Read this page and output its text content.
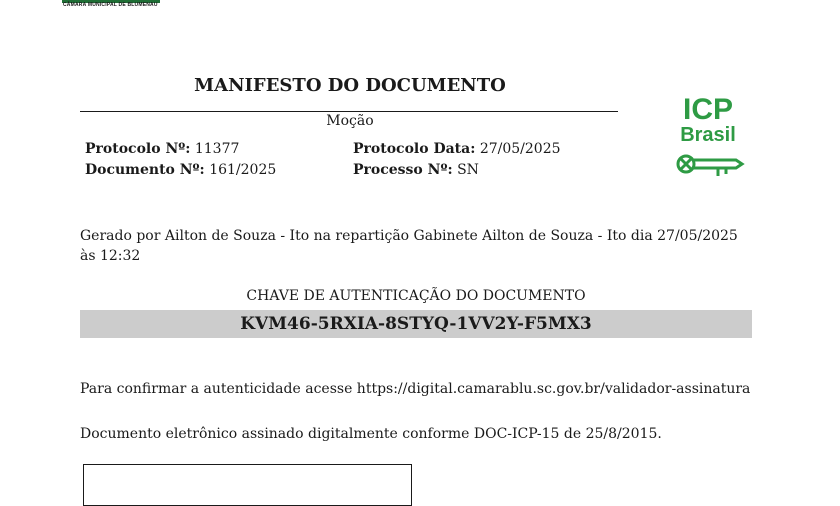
CÂMARA MUNICIPAL DE BLUMENAU
MANIFESTO DO DOCUMENTO
Moção
Protocolo Nº: 11377	Protocolo Data: 27/05/2025
Documento Nº: 161/2025	Processo Nº: SN
ICP
Brasil
Gerado por Ailton de Souza - Ito na repartição Gabinete Ailton de Souza - Ito dia 27/05/2025 às 12:32
CHAVE DE AUTENTICAÇÃO DO DOCUMENTO
KVM46-5RXIA-8STYQ-1VV2Y-F5MX3
Para confirmar a autenticidade acesse https://digital.camarablu.sc.gov.br/validador-assinatura
Documento eletrônico assinado digitalmente conforme DOC-ICP-15 de 25/8/2015.
